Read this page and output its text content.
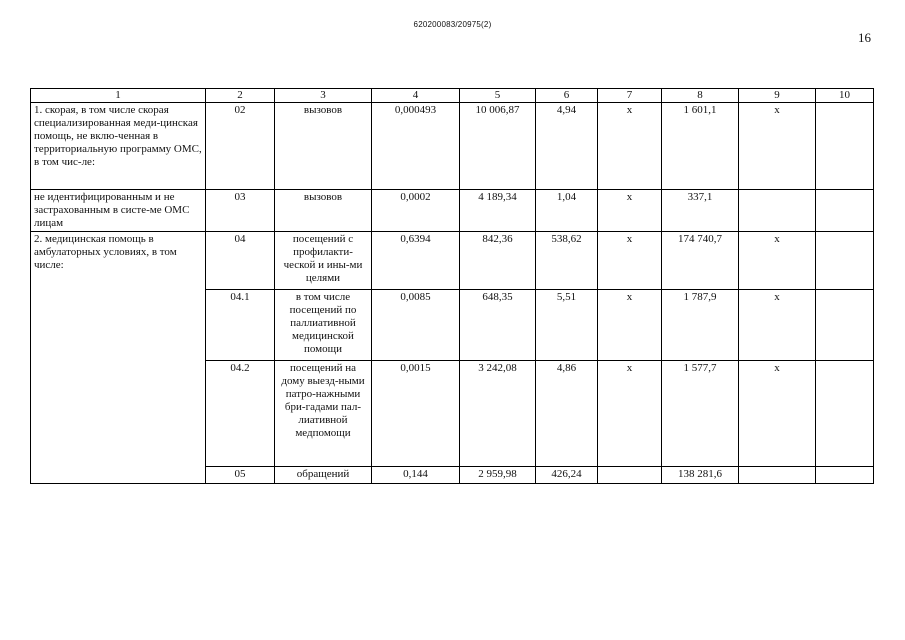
620200083/20975(2)
16
1	2	3	4	5	6	7	8	9	10
1. скорая, в том числе скорая специализированная меди-цинская помощь, не вклю-ченная в территориальную программу ОМС, в том чис-ле:	02	вызовов	0,000493	10 006,87	4,94	x	1 601,1	x	
не идентифицированным и не застрахованным в систе-ме ОМС лицам	03	вызовов	0,0002	4 189,34	1,04	x	337,1		
2. медицинская помощь в амбулаторных условиях, в том числе:	04	посещений с профилакти-ческой и ины-ми целями	0,6394	842,36	538,62	x	174 740,7	x	
	04.1	в том числе посещений по паллиативной медицинской помощи	0,0085	648,35	5,51	x	1 787,9	x	
	04.2	посещений на дому выезд-ными патро-нажными бри-гадами пал-лиативной медпомощи	0,0015	3 242,08	4,86	x	1 577,7	x	
	05	обращений	0,144	2 959,98	426,24		138 281,6		
